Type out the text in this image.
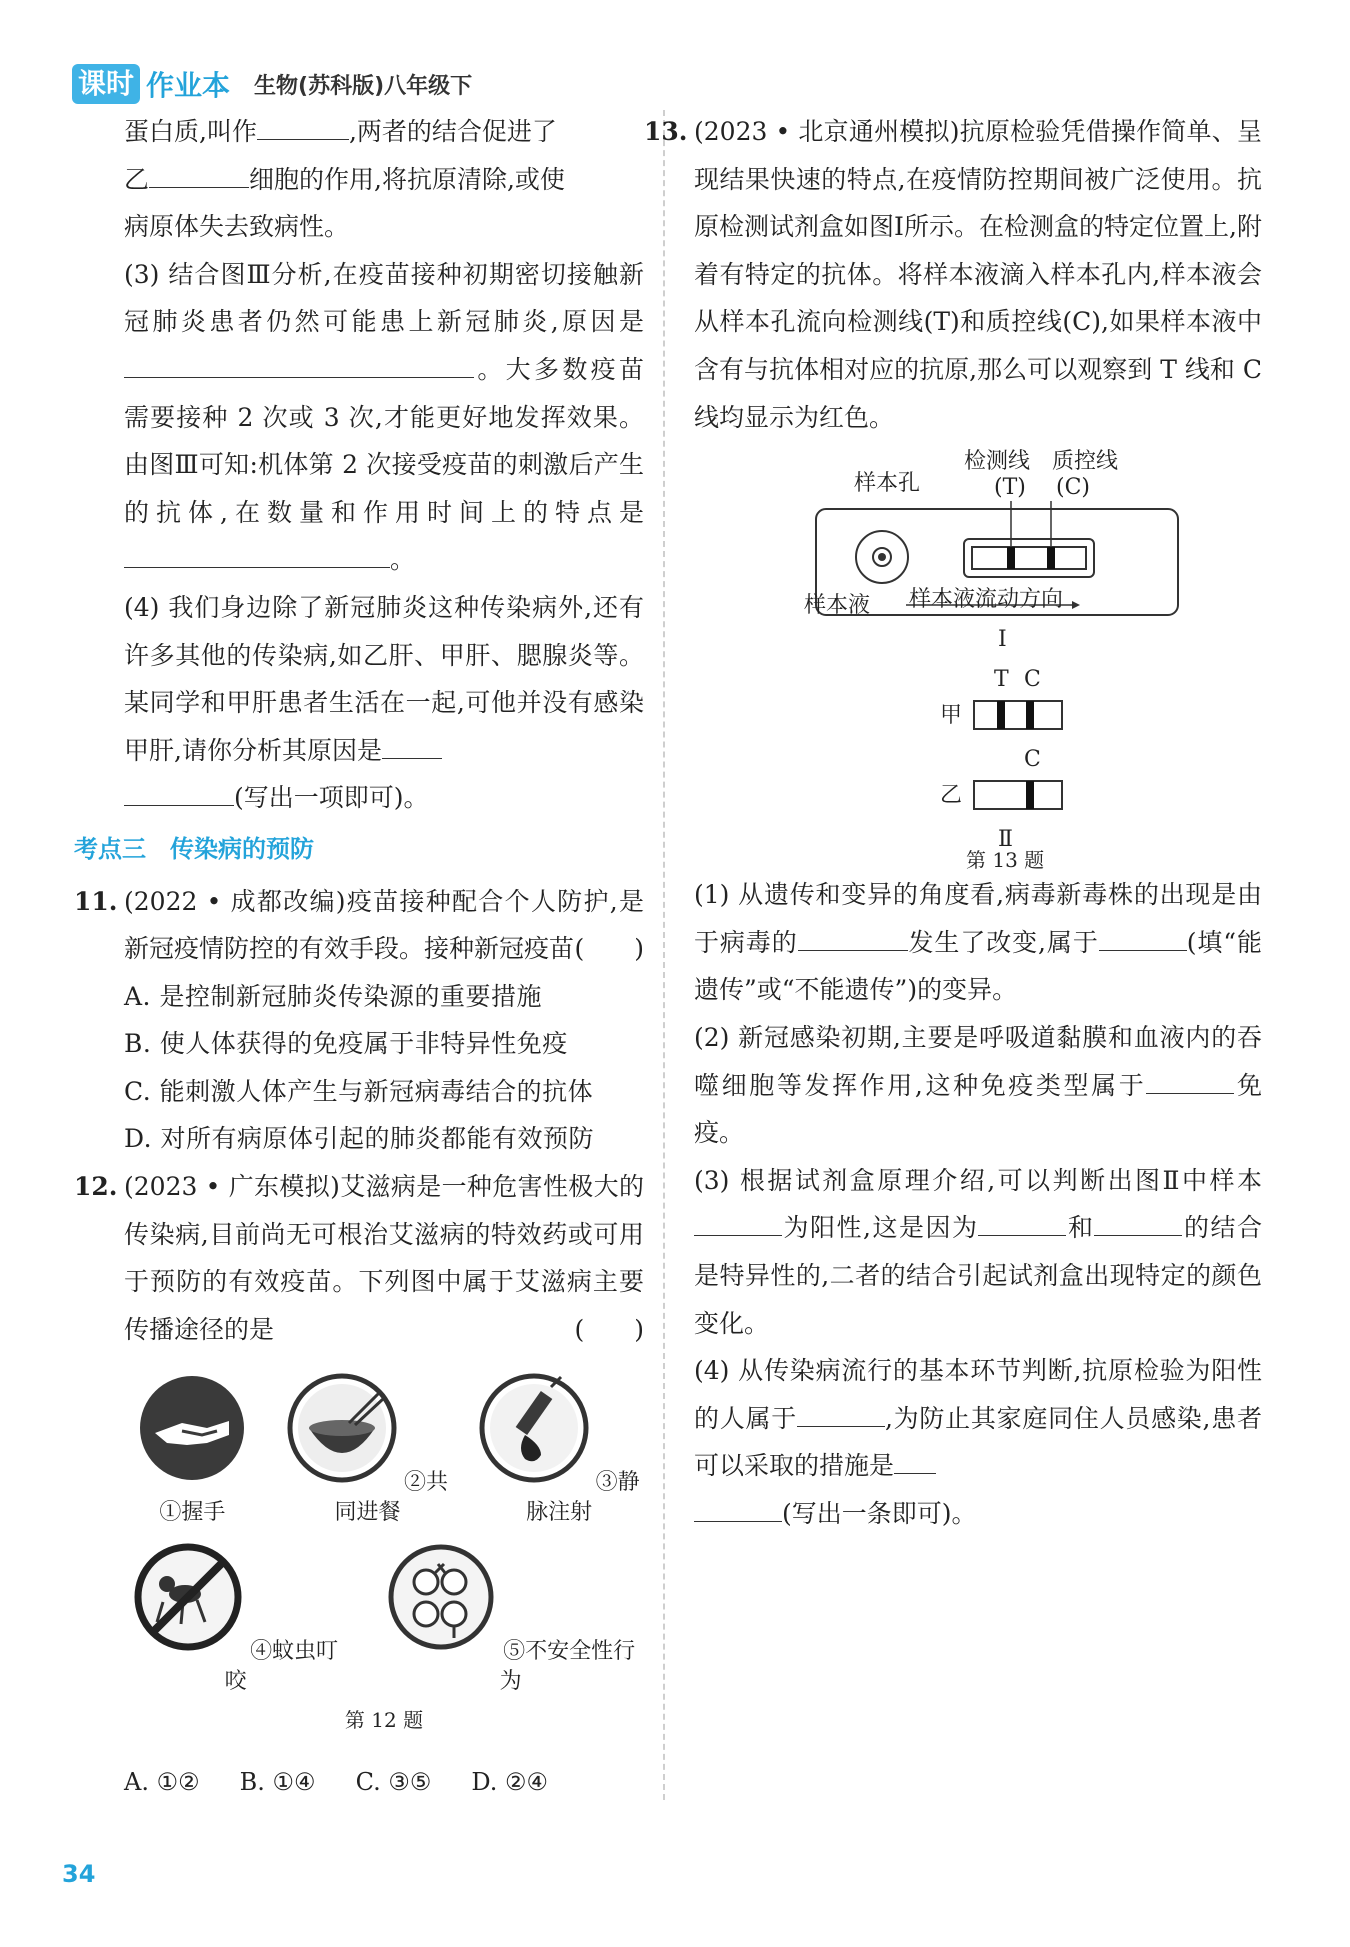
课时 作业本 生物(苏科版)八年级下

蛋白质,叫作	,两者的结合促进了
乙	细胞的作用,将抗原清除,或使
病原体失去致病性。

(3) 结合图Ⅲ分析,在疫苗接种初期密切接触新冠肺炎患者仍然可能患上新冠肺炎,原因是。大多数疫苗需要接种 2 次或 3 次,才能更好地发挥效果。由图Ⅲ可知:机体第 2 次接受疫苗的刺激后产生的抗体,在数量和作用时间上的特点是。

(4) 我们身边除了新冠肺炎这种传染病外,还有许多其他的传染病,如乙肝、甲肝、腮腺炎等。某同学和甲肝患者生活在一起,可他并没有感染甲肝,请你分析其原因是
(写出一项即可)。

考点三　传染病的预防

11. (2022 • 成都改编)疫苗接种配合个人防护,是新冠疫情防控的有效手段。接种新冠疫苗 (　　)

A. 是控制新冠肺炎传染源的重要措施

B. 使人体获得的免疫属于非特异性免疫

C. 能刺激人体产生与新冠病毒结合的抗体

D. 对所有病原体引起的肺炎都能有效预防

12. (2023 • 广东模拟)艾滋病是一种危害性极大的传染病,目前尚无可根治艾滋病的特效药或可用于预防的有效疫苗。下列图中属于艾滋病主要传播途径的是	(　　)

①握手
②共同进餐
③静脉注射
④蚊虫叮咬
⑤不安全性行为
第 12 题
A. ①② B. ①④ C. ③⑤ D. ②④

13. (2023 • 北京通州模拟)抗原检验凭借操作简单、呈现结果快速的特点,在疫情防控期间被广泛使用。抗原检测试剂盒如图Ⅰ所示。在检测盒的特定位置上,附着有特定的抗体。将样本液滴入样本孔内,样本液会从样本孔流向检测线(T)和质控线(C),如果样本液中含有与抗体相对应的抗原,那么可以观察到 T 线和 C 线均显示为红色。

检测线 质控线
(T) (C)
样本孔
样本液 样本液流动方向
Ⅰ
T C
甲
C
乙
Ⅱ
第 13 题

(1) 从遗传和变异的角度看,病毒新毒株的出现是由于病毒的	发生了改变,属于	(填“能遗传”或“不能遗传”)的变异。

(2) 新冠感染初期,主要是呼吸道黏膜和血液内的吞噬细胞等发挥作用,这种免疫类型属于	免疫。

(3) 根据试剂盒原理介绍,可以判断出图Ⅱ中样本为阳性,这是因为	和	的结合是特异性的,二者的结合引起试剂盒出现特定的颜色变化。

(4) 从传染病流行的基本环节判断,抗原检验为阳性的人属于	,为防止其家庭同住人员感染,患者可以采取的措施是
(写出一条即可)。

34
